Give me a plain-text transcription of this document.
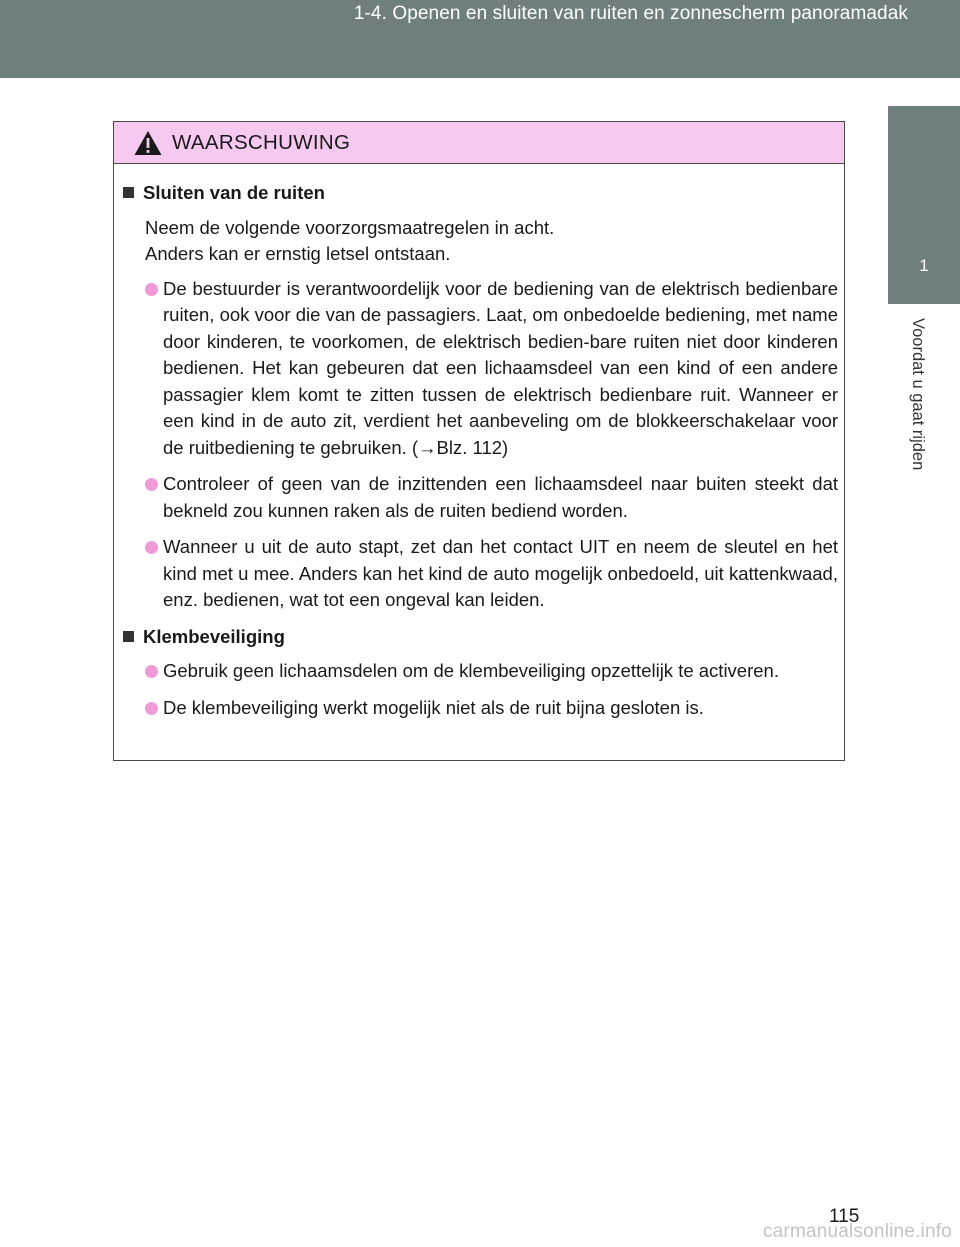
1-4. Openen en sluiten van ruiten en zonnescherm panoramadak
1
Voordat u gaat rijden
WAARSCHUWING
Sluiten van de ruiten
Neem de volgende voorzorgsmaatregelen in acht.
Anders kan er ernstig letsel ontstaan.
De bestuurder is verantwoordelijk voor de bediening van de elektrisch bedienbare ruiten, ook voor die van de passagiers. Laat, om onbedoelde bediening, met name door kinderen, te voorkomen, de elektrisch bedien-bare ruiten niet door kinderen bedienen. Het kan gebeuren dat een lichaamsdeel van een kind of een andere passagier klem komt te zitten tussen de elektrisch bedienbare ruit. Wanneer er een kind in de auto zit, verdient het aanbeveling om de blokkeerschakelaar voor de ruitbediening te gebruiken. (→Blz. 112)
Controleer of geen van de inzittenden een lichaamsdeel naar buiten steekt dat bekneld zou kunnen raken als de ruiten bediend worden.
Wanneer u uit de auto stapt, zet dan het contact UIT en neem de sleutel en het kind met u mee. Anders kan het kind de auto mogelijk onbedoeld, uit kattenkwaad, enz. bedienen, wat tot een ongeval kan leiden.
Klembeveiliging
Gebruik geen lichaamsdelen om de klembeveiliging opzettelijk te activeren.
De klembeveiliging werkt mogelijk niet als de ruit bijna gesloten is.
115
carmanualsonline.info
